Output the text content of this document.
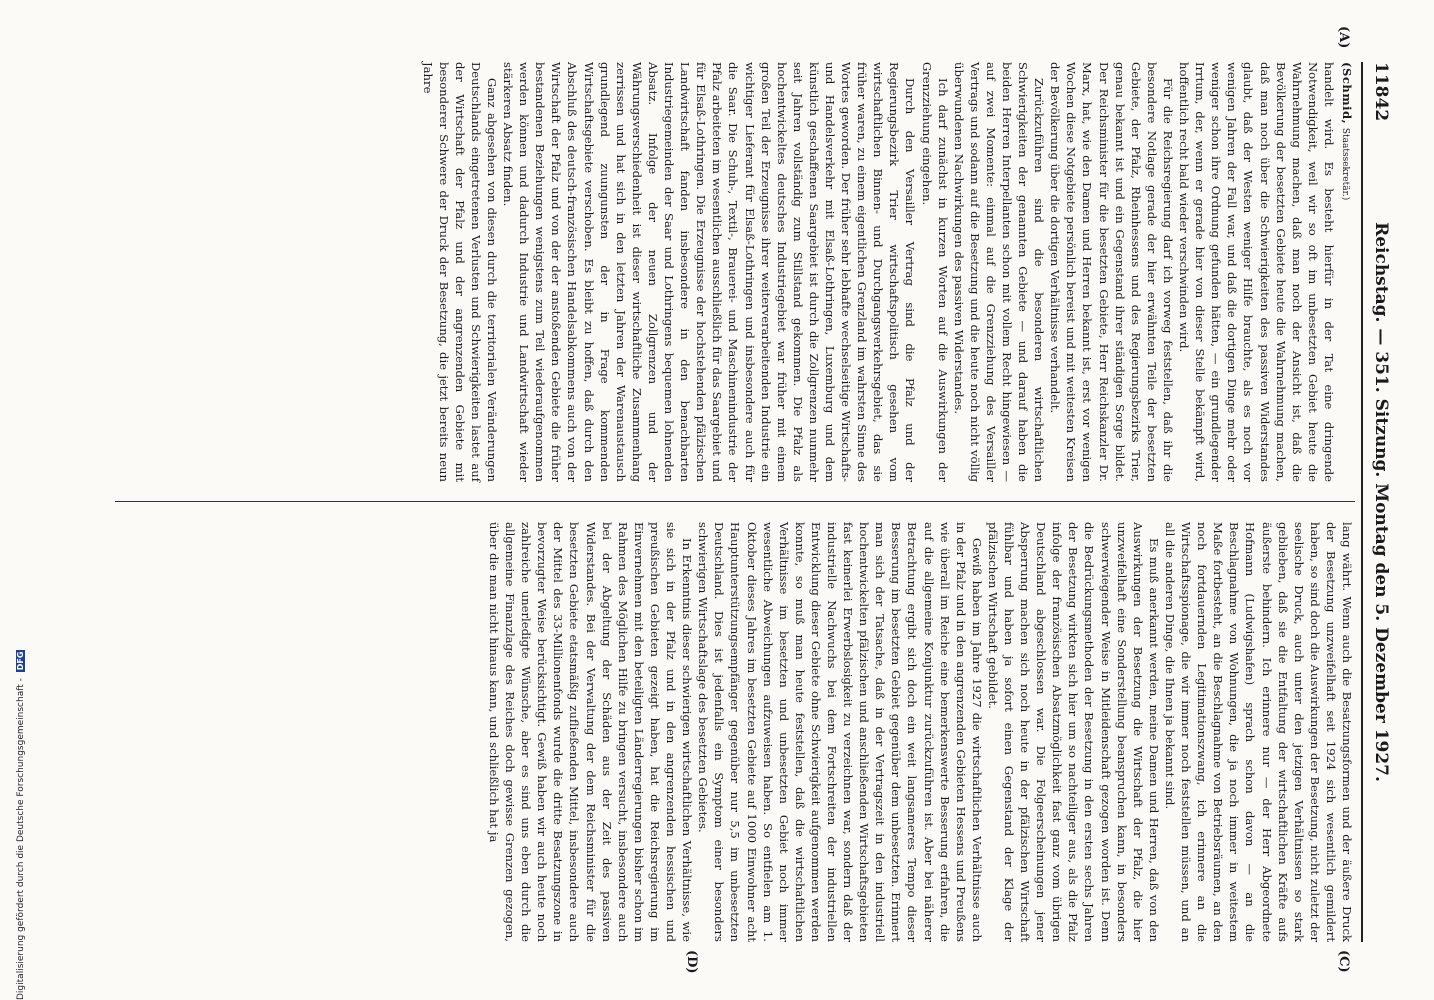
Digitalisierung gefördert durch die Deutsche Forschungsgemeinschaft - DFG
11842
Reichstag. — 351. Sitzung. Montag den 5. Dezember 1927.
(A)
(C)
(D)

(Schmid, Staatssekretär.)

handelt wird. Es besteht hierfür in der Tat eine dringende Notwendigkeit, weil wir so oft im unbesetzten Gebiet heute die Wahrnehmung machen, daß man noch der Ansicht ist, daß die Bevölkerung der besetzten Gebiete heute die Wahrnehmung machen, daß man noch über die Schwierigkeiten des passiven Widerstandes glaubt, daß der Westen weniger Hilfe brauchte, als es noch vor wenigen Jahren der Fall war, und daß die dortigen Dinge mehr oder weniger schon ihre Ordnung gefunden hätten, — ein grundlegender Irrtum, der, wenn er gerade hier von dieser Stelle bekämpft wird, hoffentlich recht bald wieder verschwinden wird.

Für die Reichsregierung darf ich vorweg feststellen, daß ihr die besondere Notlage gerade der hier erwähnten Teile der besetzten Gebiete, der Pfalz, Rheinhessens und des Regierungsbezirks Trier, genau bekannt ist und ein Gegenstand ihrer ständigen Sorge bildet. Der Reichsminister für die besetzten Gebiete, Herr Reichskanzler Dr. Marx, hat, wie den Damen und Herren bekannt ist, erst vor wenigen Wochen diese Notgebiete persönlich bereist und mit weitesten Kreisen der Bevölkerung über die dortigen Verhältnisse verhandelt.

Zurückzuführen sind die besonderen wirtschaftlichen Schwierigkeiten der genannten Gebiete — und darauf haben die beiden Herren Interpellanten schon mit vollem Recht hingewiesen — auf zwei Momente: einmal auf die Grenzziehung des Versailler Vertrags und sodann auf die Besetzung und die heute noch nicht völlig überwundenen Nachwirkungen des passiven Widerstandes.

Ich darf zunächst in kurzen Worten auf die Auswirkungen der Grenzziehung eingehen.

Durch den Versailler Vertrag sind die Pfalz und der Regierungsbezirk Trier wirtschaftspolitisch gesehen vom wirtschaftlichen Binnen- und Durchgangsverkehrsgebiet, das sie früher waren, zu einem eigentlichen Grenzland im wahrsten Sinne des Wortes geworden. Der früher sehr lebhafte wechselseitige Wirtschafts- und Handelsverkehr mit Elsaß-Lothringen, Luxemburg und dem künstlich geschaffenen Saargebiet ist durch die Zollgrenzen nunmehr seit Jahren vollständig zum Stillstand gekommen. Die Pfalz als hochentwickeltes deutsches Industriegebiet war früher mit einem großen Teil der Erzeugnisse ihrer weiterverarbeitenden Industrie ein wichtiger Lieferant für Elsaß-Lothringen und insbesondere auch für die Saar. Die Schuh-, Textil-, Brauerei- und Maschinenindustrie der Pfalz arbeiteten im wesentlichen ausschließlich für das Saargebiet und für Elsaß-Lothringen. Die Erzeugnisse der hochstehenden pfälzischen Landwirtschaft fanden insbesondere in den benachbarten Industriegemeinden der Saar und Lothringens bequemen lohnenden Absatz. Infolge der neuen Zollgrenzen und der Währungsverschiedenheit ist dieser wirtschaftliche Zusammenhang zerrissen und hat sich in den letzten Jahren der Warenaustausch grundlegend zuungunsten der in Frage kommenden Wirtschaftsgebiete verschoben. Es bleibt zu hoffen, daß durch den Abschluß des deutsch-französischen Handelsabkommens auch von der Wirtschaft der Pfalz und von der der anstoßenden Gebiete die früher bestandenen Beziehungen wenigstens zum Teil wiederaufgenommen werden können und dadurch Industrie und Landwirtschaft wieder stärkeren Absatz finden.

Ganz abgesehen von diesen durch die territorialen Veränderungen Deutschlands eingetretenen Verlusten und Schwierigkeiten lastet auf der Wirtschaft der Pfalz und der angrenzenden Gebiete mit besonderer Schwere der Druck der Besetzung, die jetzt bereits neun Jahre

lang währt. Wenn auch die Besatzungsformen und der äußere Druck der Besetzung unzweifelhaft seit 1924 sich wesentlich gemildert haben, so sind doch die Auswirkungen der Besetzung, nicht zuletzt der seelische Druck, auch unter den jetzigen Verhältnissen so stark geblieben, daß sie die Entfaltung der wirtschaftlichen Kräfte aufs äußerste behindern. Ich erinnere nur — der Herr Abgeordnete Hofmann (Ludwigshafen) sprach schon davon — an die Beschlagnahme von Wohnungen, die ja noch immer in weitestem Maße fortbesteht, an die Beschlagnahme von Betriebsräumen, an den noch fortdauernden Legitimationszwang, ich erinnere an die Wirtschaftsspionage, die wir immer noch feststellen müssen, und an all die anderen Dinge, die Ihnen ja bekannt sind.

Es muß anerkannt werden, meine Damen und Herren, daß von den Auswirkungen der Besetzung die Wirtschaft der Pfalz, die hier unzweifelhaft eine Sonderstellung beanspruchen kann, in besonders schwerwiegender Weise in Mitleidenschaft gezogen worden ist. Denn die Bedrückungsmethoden der Besetzung in den ersten sechs Jahren der Besetzung wirkten sich hier um so nachteiliger aus, als die Pfalz infolge der französischen Absatzmöglichkeit fast ganz vom übrigen Deutschland abgeschlossen war. Die Folgeerscheinungen jener Absperrung machen sich noch heute in der pfälzischen Wirtschaft fühlbar und haben ja sofort einen Gegenstand der Klage der pfälzischen Wirtschaft gebildet.

Gewiß haben im Jahre 1927 die wirtschaftlichen Verhältnisse auch in der Pfalz und in den angrenzenden Gebieten Hessens und Preußens wie überall im Reiche eine bemerkenswerte Besserung erfahren, die auf die allgemeine Konjunktur zurückzuführen ist. Aber bei näherer Betrachtung ergibt sich doch ein weit langsameres Tempo dieser Besserung im besetzten Gebiet gegenüber dem unbesetzten. Erinnert man sich der Tatsache, daß in der Vertragszeit in den industriell hochentwickelten pfälzischen und anschließenden Wirtschaftsgebieten fast keinerlei Erwerbslosigkeit zu verzeichnen war, sondern daß der industrielle Nachwuchs bei dem Fortschreiten der industriellen Entwicklung dieser Gebiete ohne Schwierigkeit aufgenommen werden konnte, so muß man heute feststellen, daß die wirtschaftlichen Verhältnisse im besetzten und unbesetzten Gebiet noch immer wesentliche Abweichungen aufzuweisen haben. So entfielen am 1. Oktober dieses Jahres im besetzten Gebiete auf 1000 Einwohner acht Hauptunterstützungsempfänger gegenüber nur 5,5 im unbesetzten Deutschland. Dies ist jedenfalls ein Symptom einer besonders schwierigen Wirtschaftslage des besetzten Gebietes.

In Erkenntnis dieser schwierigen wirtschaftlichen Verhältnisse, wie sie sich in der Pfalz und in den angrenzenden hessischen und preußischen Gebieten gezeigt haben, hat die Reichsregierung im Einvernehmen mit den beteiligten Länderregierungen bisher schon im Rahmen des Möglichen Hilfe zu bringen versucht, insbesondere auch bei der Abgeltung der Schäden aus der Zeit des passiven Widerstandes. Bei der Verwaltung der dem Reichsminister für die besetzten Gebiete etatsmäßig zufließenden Mittel, insbesondere auch der Mittel des 33-Millionenfonds wurde die dritte Besatzungszone in bevorzugter Weise berücksichtigt. Gewiß haben wir auch heute noch zahlreiche unerledigte Wünsche, aber es sind uns eben durch die allgemeine Finanzlage des Reiches doch gewisse Grenzen gezogen, über die man nicht hinaus kann, und schließlich hat ja
